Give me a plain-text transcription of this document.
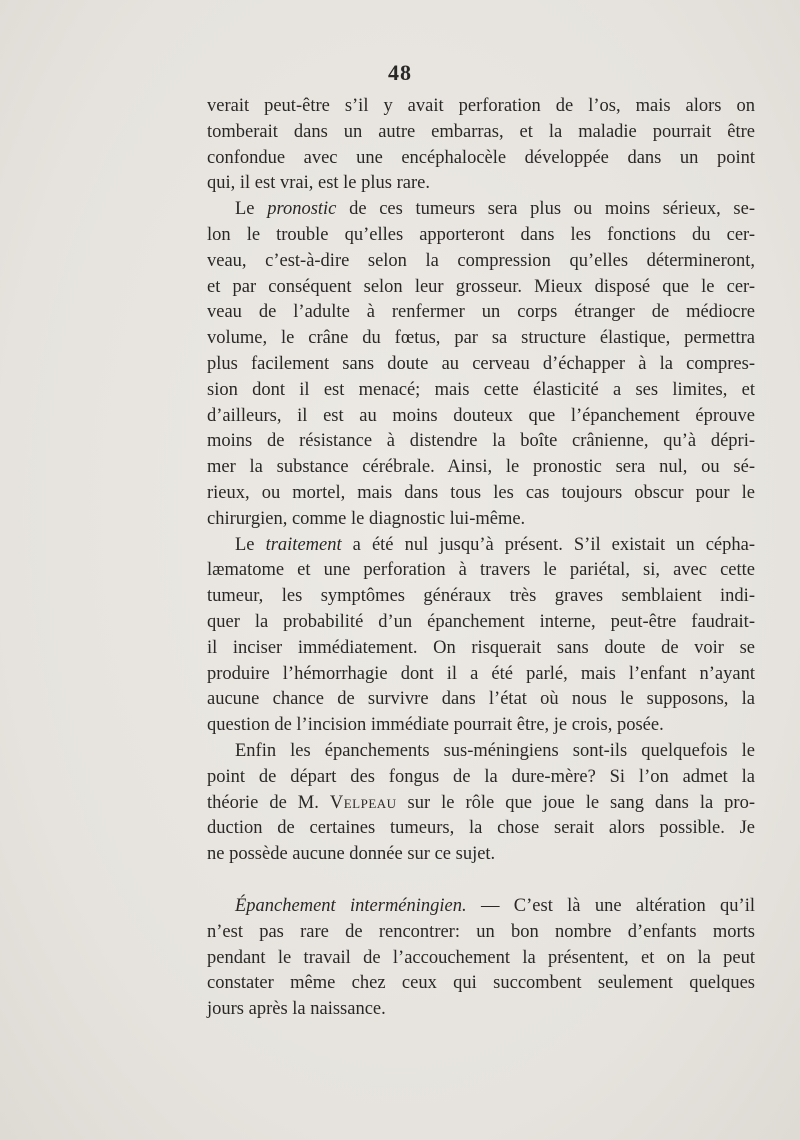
48

verait peut-être s’il y avait perforation de l’os, mais alors on
tomberait dans un autre embarras, et la maladie pourrait être
confondue avec une encéphalocèle développée dans un point
qui, il est vrai, est le plus rare.

Le pronostic de ces tumeurs sera plus ou moins sérieux, se-
lon le trouble qu’elles apporteront dans les fonctions du cer-
veau, c’est-à-dire selon la compression qu’elles détermineront,
et par conséquent selon leur grosseur. Mieux disposé que le cer-
veau de l’adulte à renfermer un corps étranger de médiocre
volume, le crâne du fœtus, par sa structure élastique, permettra
plus facilement sans doute au cerveau d’échapper à la compres-
sion dont il est menacé; mais cette élasticité a ses limites, et
d’ailleurs, il est au moins douteux que l’épanchement éprouve
moins de résistance à distendre la boîte crânienne, qu’à dépri-
mer la substance cérébrale. Ainsi, le pronostic sera nul, ou sé-
rieux, ou mortel, mais dans tous les cas toujours obscur pour le
chirurgien, comme le diagnostic lui-même.

Le traitement a été nul jusqu’à présent. S’il existait un cépha-
læmatome et une perforation à travers le pariétal, si, avec cette
tumeur, les symptômes généraux très graves semblaient indi-
quer la probabilité d’un épanchement interne, peut-être faudrait-
il inciser immédiatement. On risquerait sans doute de voir se
produire l’hémorrhagie dont il a été parlé, mais l’enfant n’ayant
aucune chance de survivre dans l’état où nous le supposons, la
question de l’incision immédiate pourrait être, je crois, posée.

Enfin les épanchements sus-méningiens sont-ils quelquefois le
point de départ des fongus de la dure-mère? Si l’on admet la
théorie de M. Velpeau sur le rôle que joue le sang dans la pro-
duction de certaines tumeurs, la chose serait alors possible. Je
ne possède aucune donnée sur ce sujet.

Épanchement interméningien. — C’est là une altération qu’il
n’est pas rare de rencontrer: un bon nombre d’enfants morts
pendant le travail de l’accouchement la présentent, et on la peut
constater même chez ceux qui succombent seulement quelques
jours après la naissance.
